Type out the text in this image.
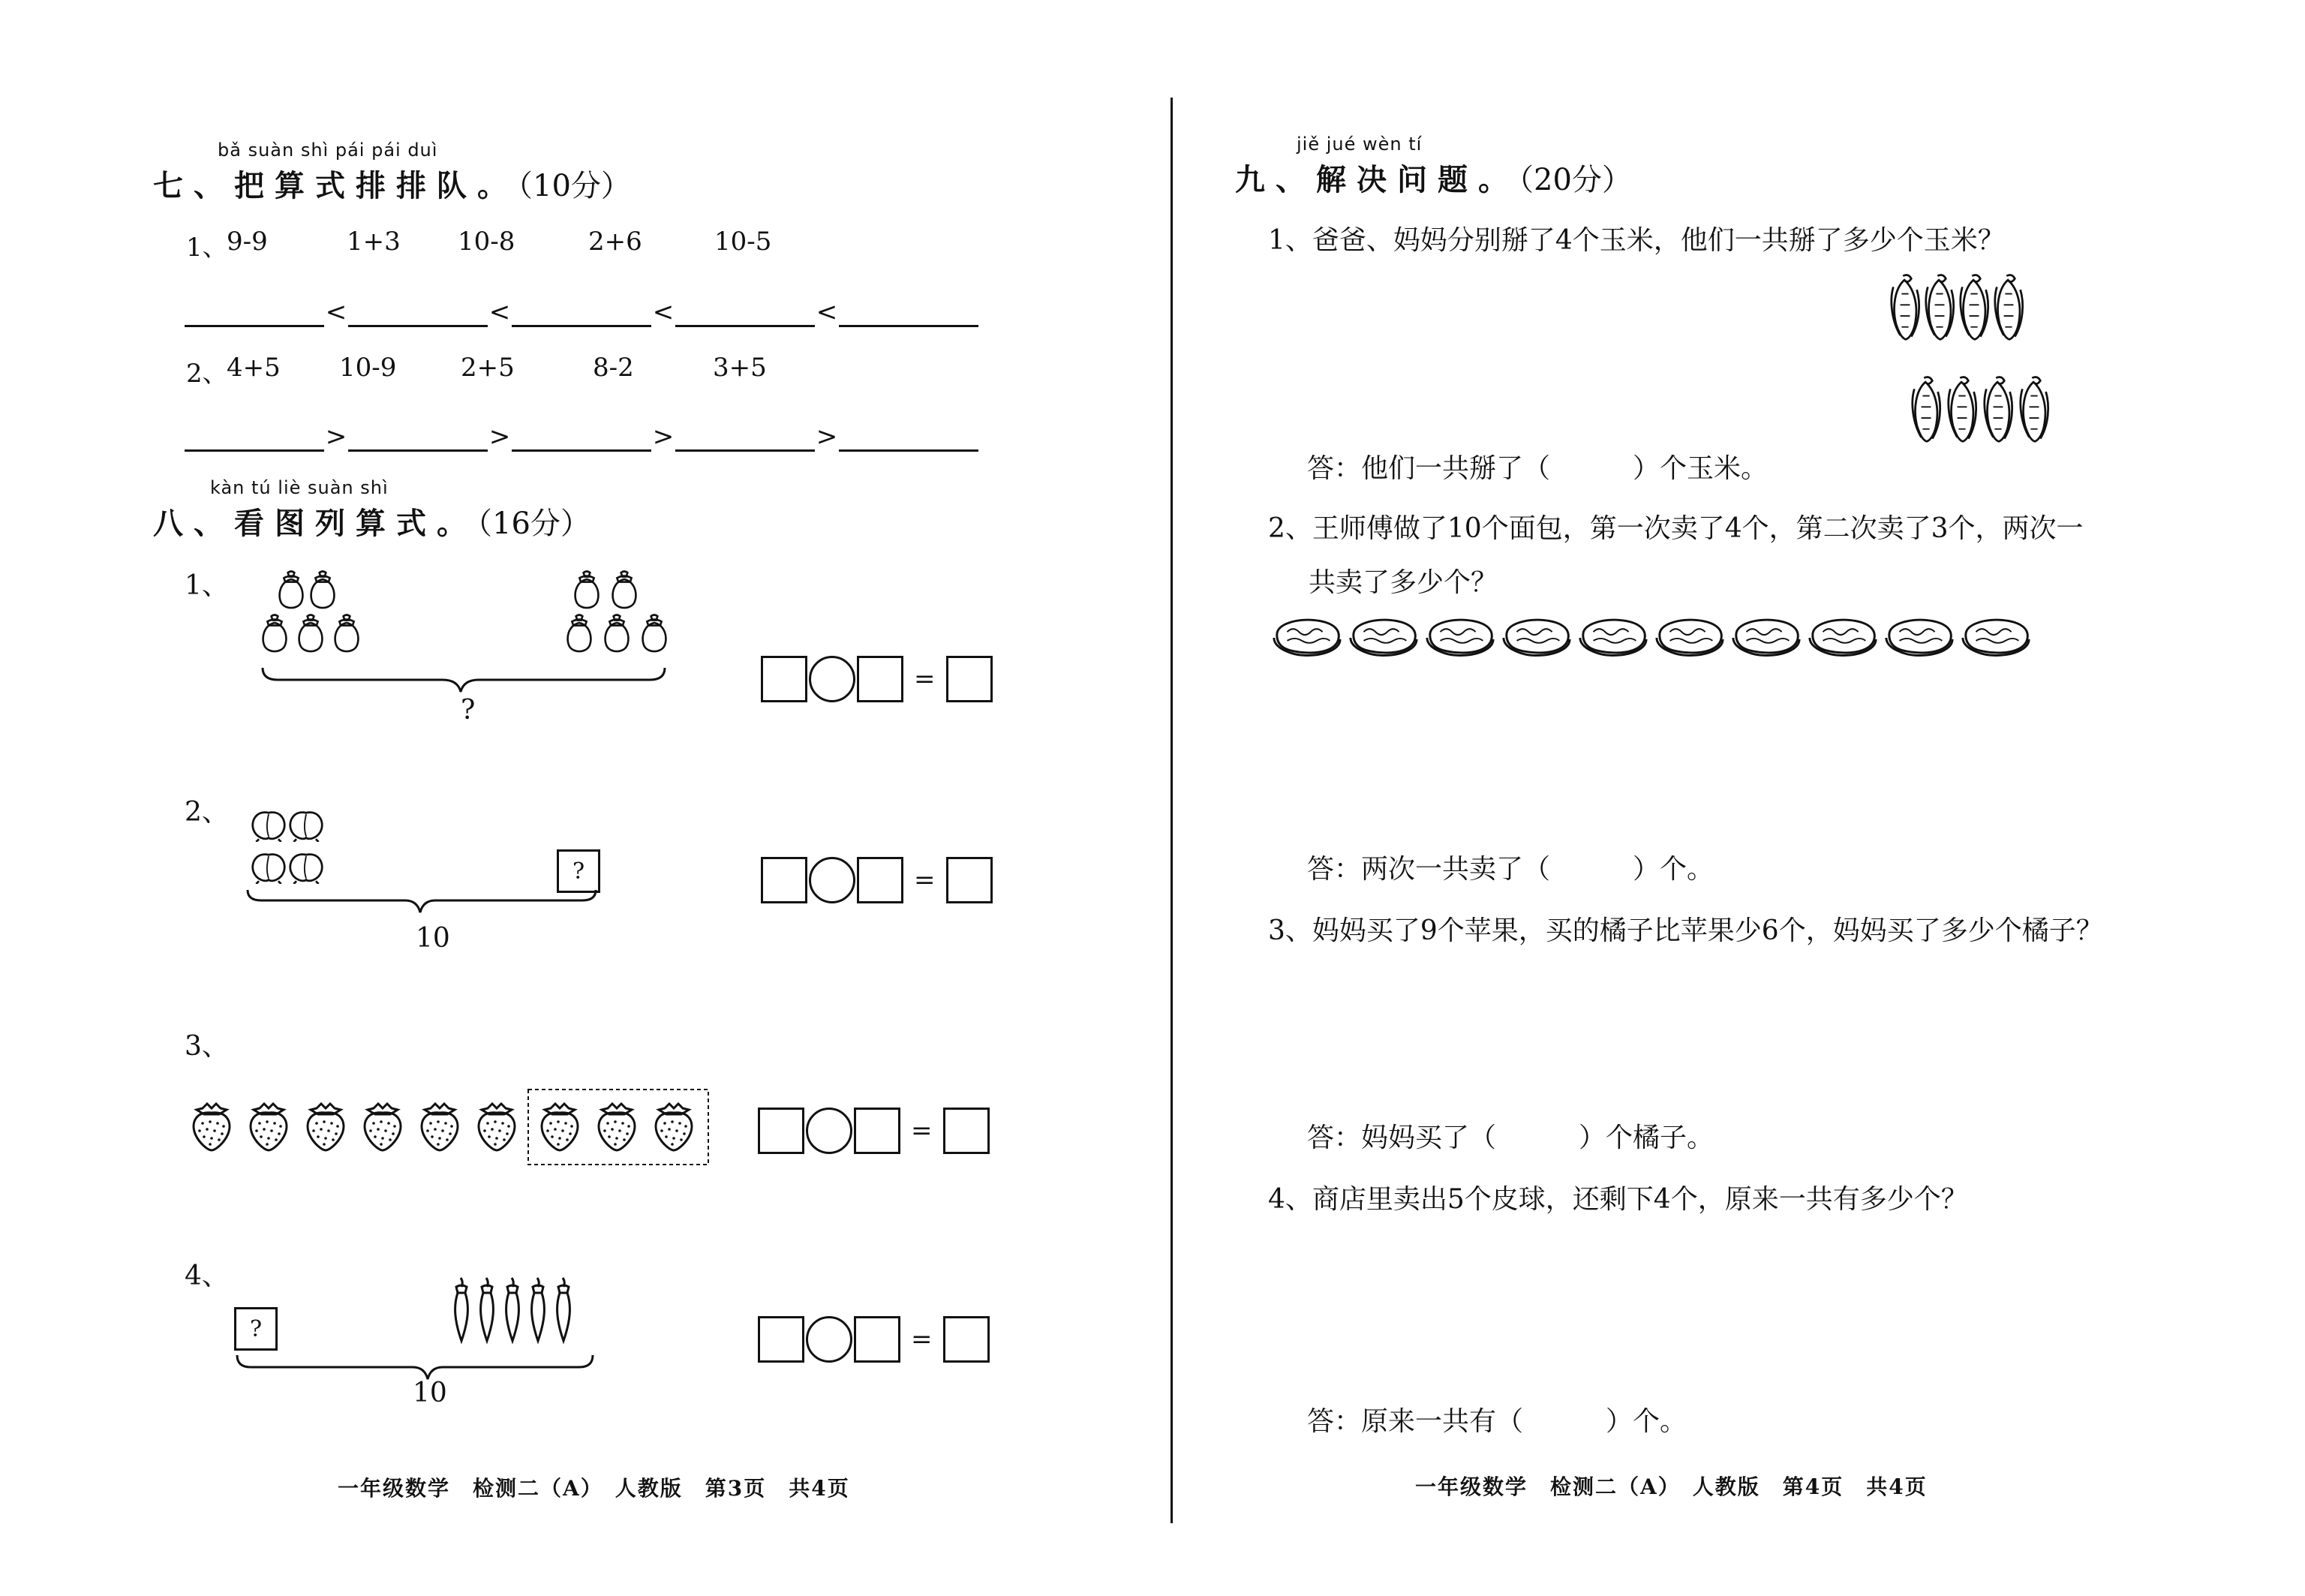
bǎ suàn shì pái pái duì
七、把算式排排队。（10分）
1、
9-9	1+3 10-8	2+6	10-5
<	<	<	<
2、
4+5 10-9	2+5	8-2	3+5
>	>	>	>
kàn tú liè suàn shì
八、看图列算式。（16分）
1、
?
=
2、
?
10
=
3、
=
4、
?
10
=
一年级数学　检测二（A）　人教版　第3页　共4页
jiě jué wèn tí
九、解决问题。（20分）
1、爸爸、妈妈分别掰了4个玉米，他们一共掰了多少个玉米？
答：他们一共掰了（	）个玉米。
2、王师傅做了10个面包，第一次卖了4个，第二次卖了3个，两次一
共卖了多少个？
答：两次一共卖了（	）个。
3、妈妈买了9个苹果，买的橘子比苹果少6个，妈妈买了多少个橘子？
答：妈妈买了（	）个橘子。
4、商店里卖出5个皮球，还剩下4个，原来一共有多少个？
答：原来一共有（	）个。
一年级数学　检测二（A）　人教版　第4页　共4页
